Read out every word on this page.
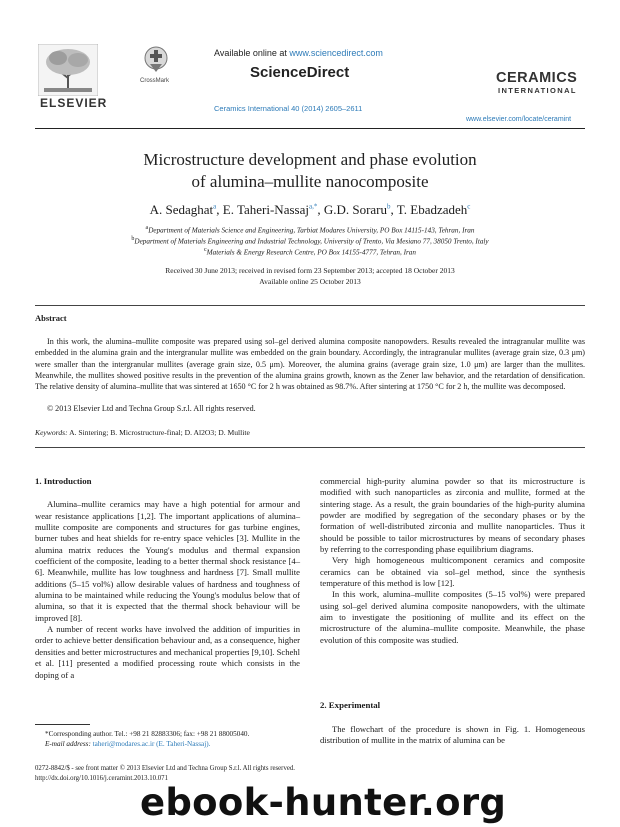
ELSEVIER
CrossMark
Available online at www.sciencedirect.com
ScienceDirect
Ceramics International 40 (2014) 2605–2611
CERAMICS
INTERNATIONAL
www.elsevier.com/locate/ceramint
Microstructure development and phase evolution
of alumina–mullite nanocomposite
A. Sedaghat$^a$, E. Taheri-Nassaj$^{a,*}$, G.D. Soraru$^b$, T. Ebadzadeh$^c$
$^a$Department of Materials Science and Engineering, Tarbiat Modares University, PO Box 14115-143, Tehran, Iran
$^b$Department of Materials Engineering and Industrial Technology, University of Trento, Via Mesiano 77, 38050 Trento, Italy
$^c$Materials & Energy Research Centre, PO Box 14155-4777, Tehran, Iran
Received 30 June 2013; received in revised form 23 September 2013; accepted 18 October 2013
Available online 25 October 2013
Abstract
In this work, the alumina–mullite composite was prepared using sol–gel derived alumina composite nanopowders. Results revealed the intragranular mullite was embedded in the alumina grain and the intergranular mullite was embedded on the grain boundary. Accordingly, the intragranular mullites (average grain size, 0.3 μm) were smaller than the intergranular mullites (average grain size, 0.5 μm). Moreover, the alumina grains (average grain size, 1.0 μm) are larger than the mullites. Meanwhile, the mullites showed positive results in the prevention of the alumina grains growth, known as the Zener law behavior, and the retardation of densification. The relative density of alumina–mullite that was sintered at 1650 °C for 2 h was obtained as 98.7%. After sintering at 1750 °C for 2 h, the mullite was decomposed.
© 2013 Elsevier Ltd and Techna Group S.r.l. All rights reserved.
Keywords: A. Sintering; B. Microstructure-final; D. Al2O3; D. Mullite
1. Introduction

Alumina–mullite ceramics may have a high potential for armour and wear resistance applications [1,2]. The important applications of alumina–mullite composite are components and structures for gas turbine engines, burner tubes and heat shields for re-entry space vehicles [3]. Mullite in the alumina matrix reduces the Young's modulus and thermal expansion coefficient of the composite, leading to a better thermal shock resistance [4–6]. Meanwhile, mullite has low toughness and hardness [7]. Small mullite additions (5–15 vol%) allow desirable values of hardness and toughness of alumina to be maintained while reducing the Young's modulus below that of alumina, so that it is expected that the thermal shock behaviour will be improved [8].

A number of recent works have involved the addition of impurities in order to achieve better densification behaviour and, as a consequence, higher densities and better microstructures and mechanical properties [9,10]. Schehl et al. [11] presented a modified processing route which consists in the doping of a

commercial high-purity alumina powder so that its microstructure is modified with such nanoparticles as zirconia and mullite, formed at the sintering stage. As a result, the grain boundaries of the high-purity alumina powder are modified by segregation of the secondary phases or by the formation of well-distributed zirconia and mullite nanoparticles. Thus it should be possible to tailor microstructures by means of secondary phases by referring to the corresponding phase equilibrium diagrams.

Very high homogeneous multicomponent ceramics and composite ceramics can be obtained via sol–gel method, since the synthesis temperature of this method is low [12].

In this work, alumina–mullite composites (5–15 vol%) were prepared using sol–gel derived alumina composite nanopowders, with the ultimate aim to investigate the positioning of mullite and its effect on the microstructure of the alumina–mullite composite. Meanwhile, the phase evolution of this composite was studied.

2. Experimental
The flowchart of the procedure is shown in Fig. 1. Homogeneous distribution of mullite in the matrix of alumina can be
*Corresponding author. Tel.: +98 21 82883306; fax: +98 21 88005040.
E-mail address: taheri@modares.ac.ir (E. Taheri-Nassaj).
0272-8842/$ - see front matter © 2013 Elsevier Ltd and Techna Group S.r.l. All rights reserved.
http://dx.doi.org/10.1016/j.ceramint.2013.10.071
ebook-hunter.org
